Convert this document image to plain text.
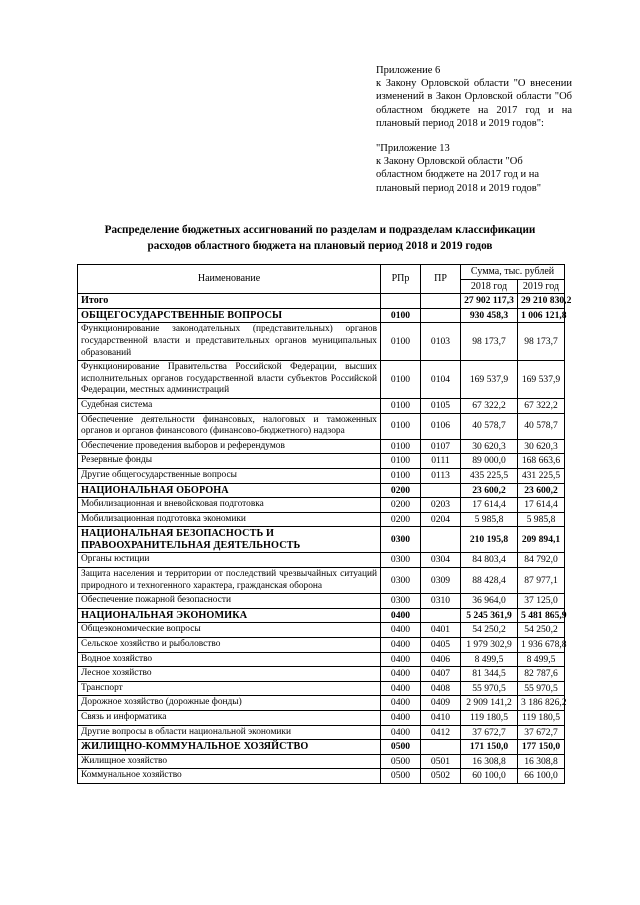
Приложение 6

к Закону Орловской области "О внесении изменений в Закон Орловской области "Об областном бюджете на 2017 год и на плановый период 2018 и 2019 годов":

"Приложение 13

к Закону Орловской области "Об областном бюджете на 2017 год и на плановый период 2018 и 2019 годов"

Распределение бюджетных ассигнований по разделам и подразделам классификации
расходов областного бюджета на плановый период 2018 и 2019 годов
Наименование	РПр	ПР	Сумма, тыс. рублей	
			2018 год	2019 год
Итого			27 902 117,3	29 210 830,2
ОБЩЕГОСУДАРСТВЕННЫЕ ВОПРОСЫ	0100		930 458,3	1 006 121,8
Функционирование законодательных (представительных) органов государственной власти и представительных органов муниципальных образований	0100	0103	98 173,7	98 173,7
Функционирование Правительства Российской Федерации, высших исполнительных органов государственной власти субъектов Российской Федерации, местных администраций	0100	0104	169 537,9	169 537,9
Судебная система	0100	0105	67 322,2	67 322,2
Обеспечение деятельности финансовых, налоговых и таможенных органов и органов финансового (финансово-бюджетного) надзора	0100	0106	40 578,7	40 578,7
Обеспечение проведения выборов и референдумов	0100	0107	30 620,3	30 620,3
Резервные фонды	0100	0111	89 000,0	168 663,6
Другие общегосударственные вопросы	0100	0113	435 225,5	431 225,5
НАЦИОНАЛЬНАЯ ОБОРОНА	0200		23 600,2	23 600,2
Мобилизационная и вневойсковая подготовка	0200	0203	17 614,4	17 614,4
Мобилизационная подготовка экономики	0200	0204	5 985,8	5 985,8
НАЦИОНАЛЬНАЯ БЕЗОПАСНОСТЬ И ПРАВООХРАНИТЕЛЬНАЯ ДЕЯТЕЛЬНОСТЬ	0300		210 195,8	209 894,1
Органы юстиции	0300	0304	84 803,4	84 792,0
Защита населения и территории от последствий чрезвычайных ситуаций природного и техногенного характера, гражданская оборона	0300	0309	88 428,4	87 977,1
Обеспечение пожарной безопасности	0300	0310	36 964,0	37 125,0
НАЦИОНАЛЬНАЯ ЭКОНОМИКА	0400		5 245 361,9	5 481 865,9
Общеэкономические вопросы	0400	0401	54 250,2	54 250,2
Сельское хозяйство и рыболовство	0400	0405	1 979 302,9	1 936 678,8
Водное хозяйство	0400	0406	8 499,5	8 499,5
Лесное хозяйство	0400	0407	81 344,5	82 787,6
Транспорт	0400	0408	55 970,5	55 970,5
Дорожное хозяйство (дорожные фонды)	0400	0409	2 909 141,2	3 186 826,2
Связь и информатика	0400	0410	119 180,5	119 180,5
Другие вопросы в области национальной экономики	0400	0412	37 672,7	37 672,7
ЖИЛИЩНО-КОММУНАЛЬНОЕ ХОЗЯЙСТВО	0500		171 150,0	177 150,0
Жилищное хозяйство	0500	0501	16 308,8	16 308,8
Коммунальное хозяйство	0500	0502	60 100,0	66 100,0
